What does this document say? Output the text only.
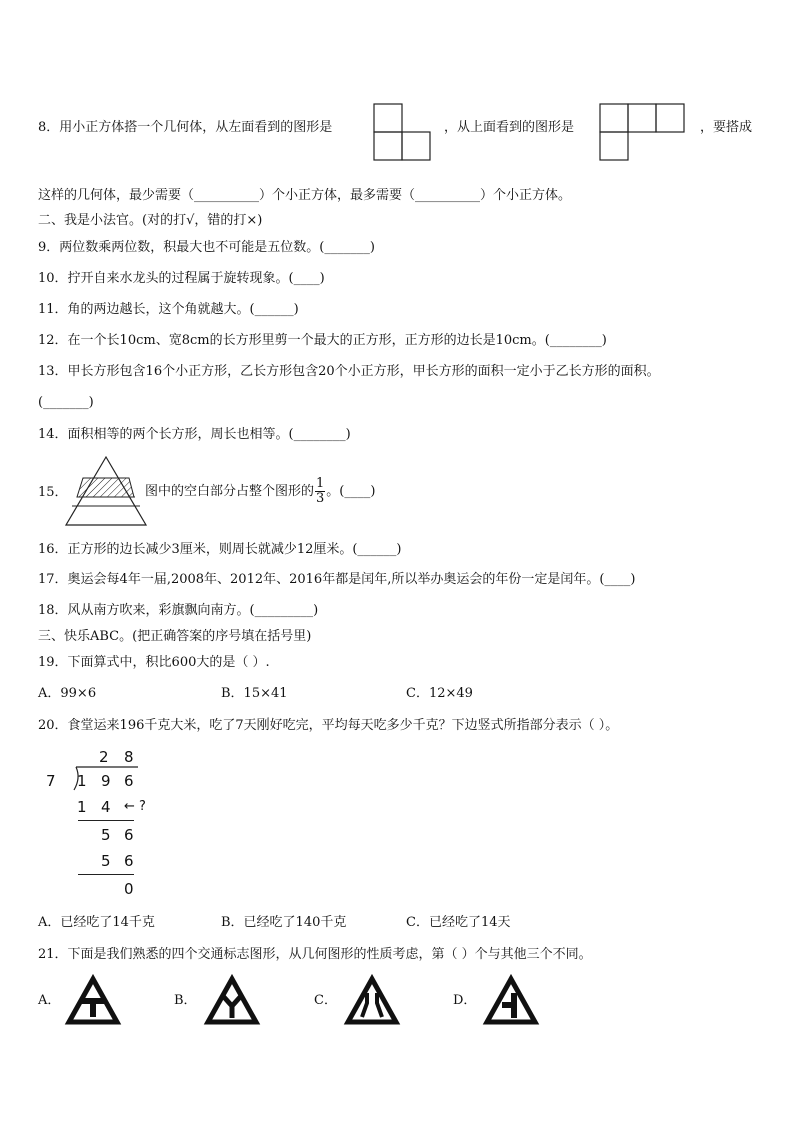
8．用小正方体搭一个几何体，从左面看到的图形是	，从上面看到的图形是	，要搭成
这样的几何体，最少需要（__________）个小正方体，最多需要（__________）个小正方体。
二、我是小法官。(对的打√，错的打×)
9．两位数乘两位数，积最大也不可能是五位数。(_______)
10．拧开自来水龙头的过程属于旋转现象。(____)
11．角的两边越长，这个角就越大。(______)
12．在一个长10cm、宽8cm的长方形里剪一个最大的正方形，正方形的边长是10cm。(________)
13．甲长方形包含16个小正方形，乙长方形包含20个小正方形，甲长方形的面积一定小于乙长方形的面积。
(_______)
14．面积相等的两个长方形，周长也相等。(________)
15．	图中的空白部分占整个图形的 $\frac{1}{3}$ 。(____)
16．正方形的边长减少3厘米，则周长就减少12厘米。(______)
17．奥运会每4年一届,2008年、2012年、2016年都是闰年,所以举办奥运会的年份一定是闰年。(____)
18．风从南方吹来，彩旗飘向南方。(_________)
三、快乐ABC。(把正确答案的序号填在括号里)
19．下面算式中，积比600大的是（ ）.
A．99×6	B．15×41	C．12×49
20．食堂运来196千克大米，吃了7天刚好吃完，平均每天吃多少千克？下边竖式所指部分表示（ ）。
2 8
7 1 9 6
1 4 ← ?
5 6
5 6
0
A．已经吃了14千克	B．已经吃了140千克	C．已经吃了14天
21．下面是我们熟悉的四个交通标志图形，从几何图形的性质考虑，第（ ）个与其他三个不同。
A．	B．	C．	D．
